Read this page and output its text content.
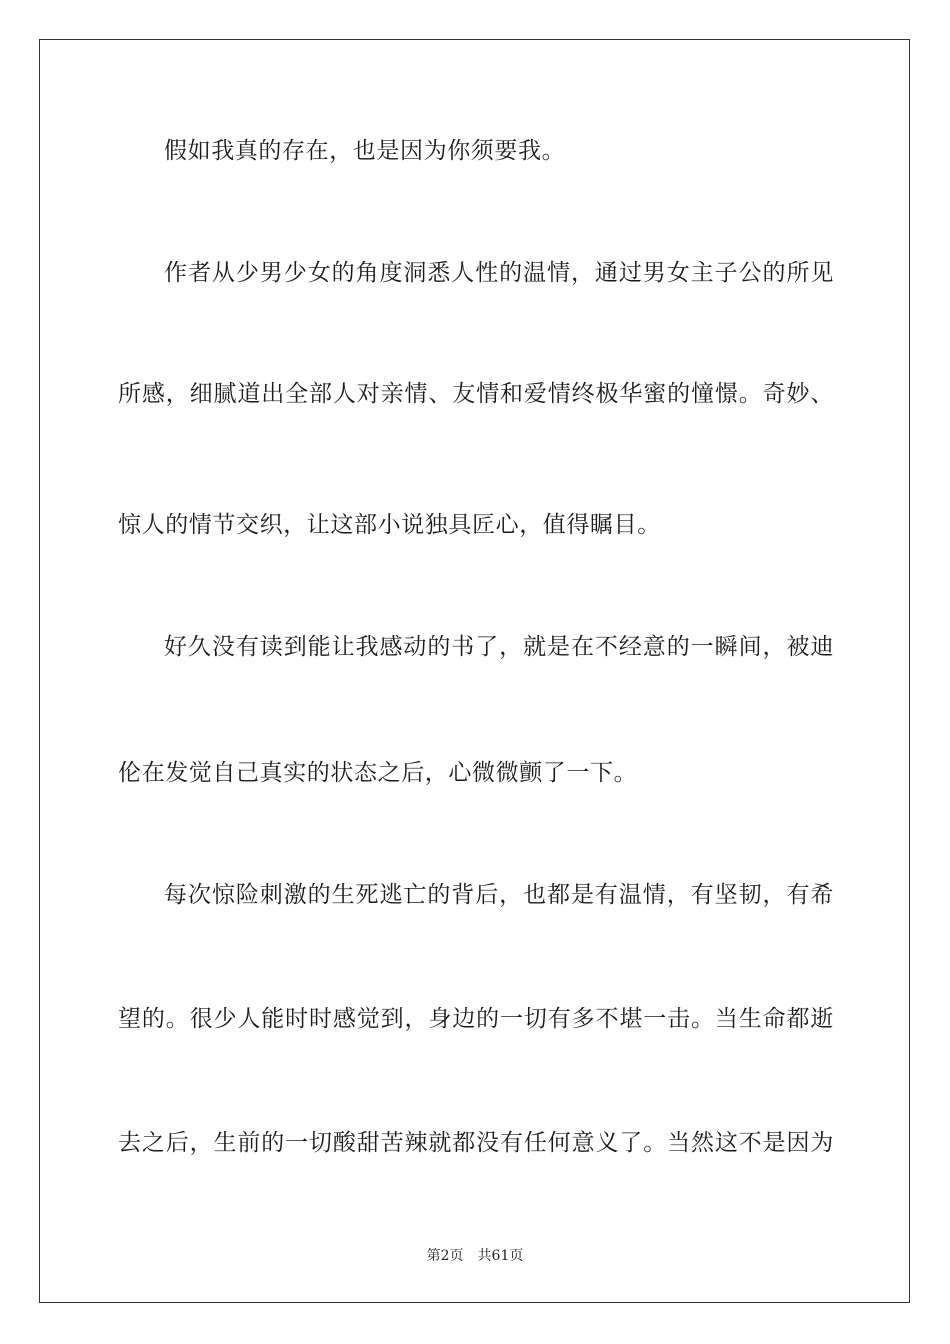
假如我真的存在，也是因为你须要我。
作者从少男少女的角度洞悉人性的温情，通过男女主子公的所见
所感，细腻道出全部人对亲情、友情和爱情终极华蜜的憧憬。奇妙、
惊人的情节交织，让这部小说独具匠心，值得瞩目。
好久没有读到能让我感动的书了，就是在不经意的一瞬间，被迪
伦在发觉自己真实的状态之后，心微微颤了一下。
每次惊险刺激的生死逃亡的背后，也都是有温情，有坚韧，有希
望的。很少人能时时感觉到，身边的一切有多不堪一击。当生命都逝
去之后，生前的一切酸甜苦辣就都没有任何意义了。当然这不是因为
第2页 共61页
